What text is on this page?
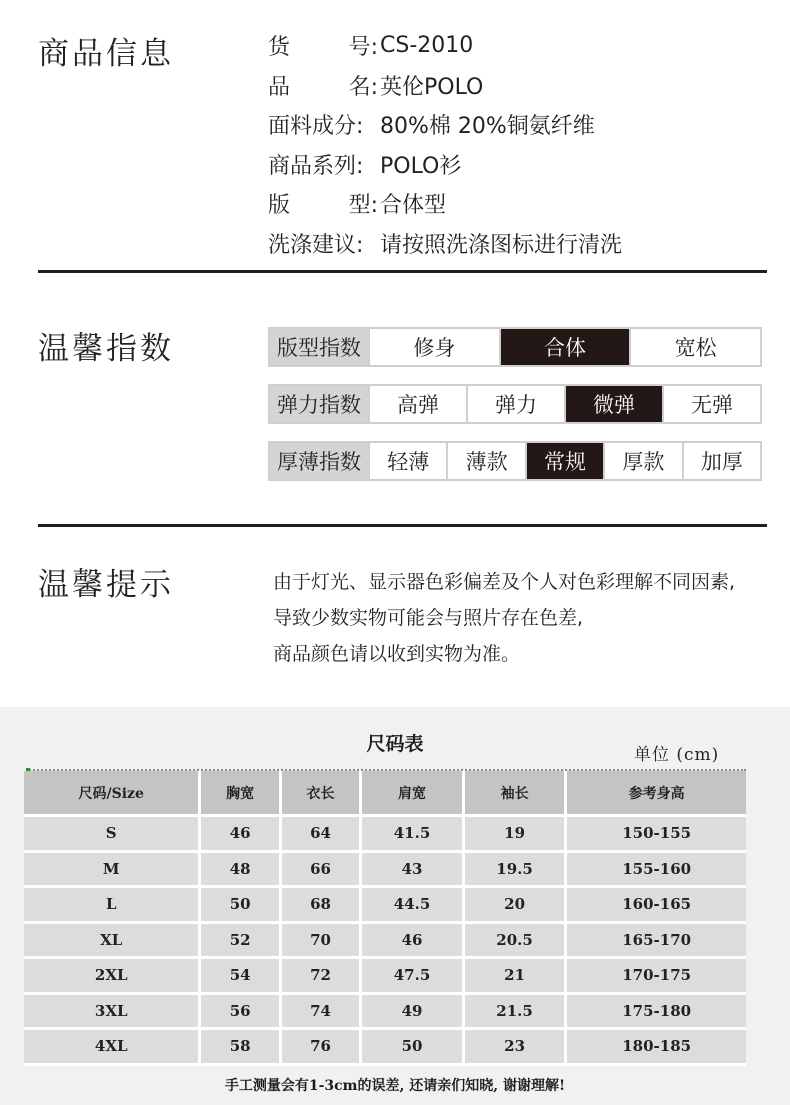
商品信息	货	号: CS-2010
品	名: 英伦POLO
面料成分: 80%棉 20%铜氨纤维
商品系列: POLO衫
版	型: 合体型
洗涤建议: 请按照洗涤图标进行清洗
温馨指数	版型指数	修身	合体	宽松
弹力指数	高弹	弹力	微弹	无弹
厚薄指数	轻薄	薄款	常规	厚款	加厚
温馨提示	由于灯光、显示器色彩偏差及个人对色彩理解不同因素,
导致少数实物可能会与照片存在色差,
商品颜色请以收到实物为准。
尺码表	单位 (cm)
尺码/Size	胸宽	衣长	肩宽	袖长	参考身高
S	46	64	41.5	19	150-155
M	48	66	43	19.5	155-160
L	50	68	44.5	20	160-165
XL	52	70	46	20.5	165-170
2XL	54	72	47.5	21	170-175
3XL	56	74	49	21.5	175-180
4XL	58	76	50	23	180-185
手工测量会有1-3cm的误差, 还请亲们知晓, 谢谢理解!
